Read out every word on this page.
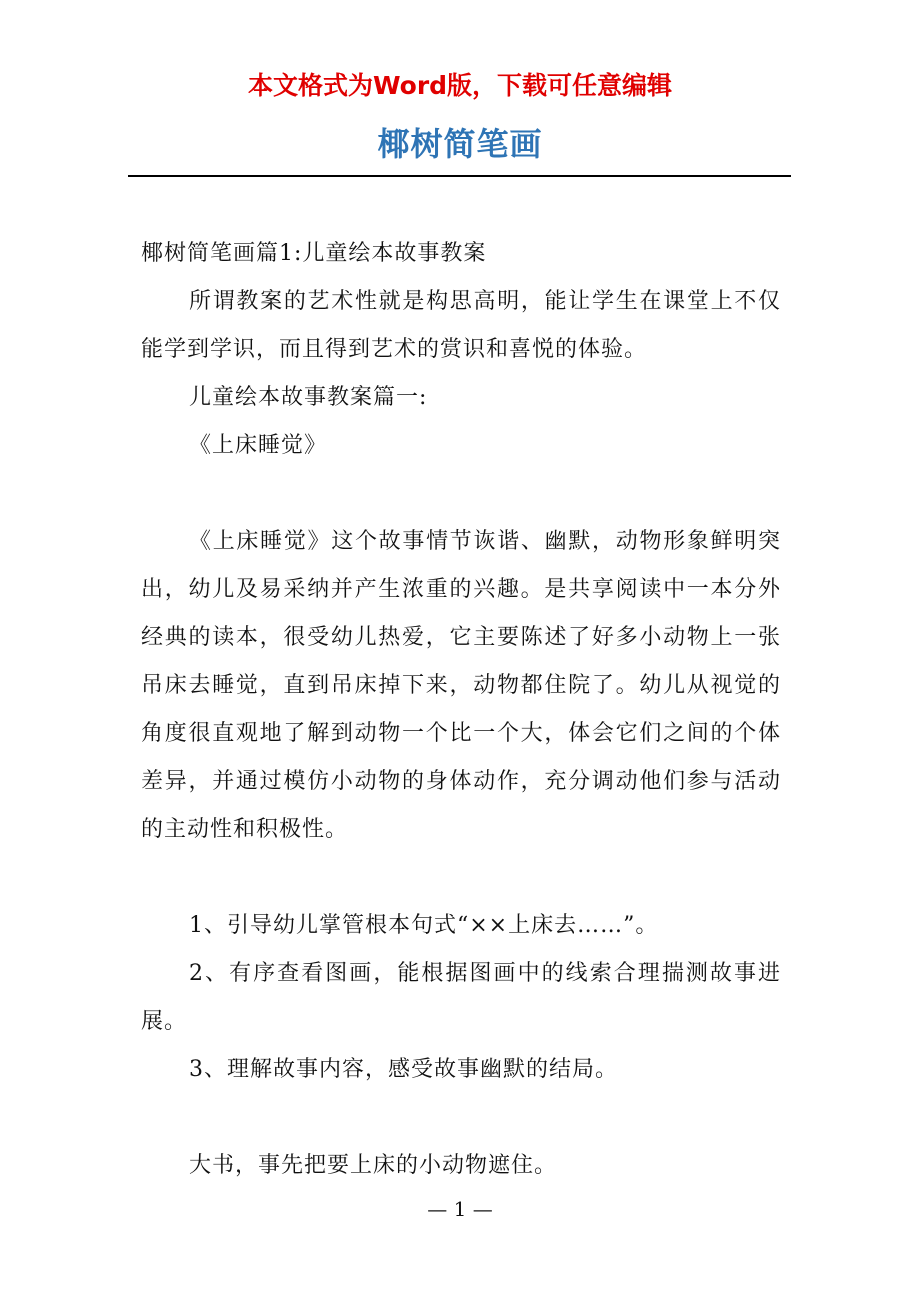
本文格式为Word版，下载可任意编辑
椰树简笔画

椰树简笔画篇1:儿童绘本故事教案

所谓教案的艺术性就是构思高明，能让学生在课堂上不仅能学到学识，而且得到艺术的赏识和喜悦的体验。

儿童绘本故事教案篇一:

《上床睡觉》

《上床睡觉》这个故事情节诙谐、幽默，动物形象鲜明突出，幼儿及易采纳并产生浓重的兴趣。是共享阅读中一本分外经典的读本，很受幼儿热爱，它主要陈述了好多小动物上一张吊床去睡觉，直到吊床掉下来，动物都住院了。幼儿从视觉的角度很直观地了解到动物一个比一个大，体会它们之间的个体差异，并通过模仿小动物的身体动作，充分调动他们参与活动的主动性和积极性。

1、引导幼儿掌管根本句式“××上床去……”。

2、有序查看图画，能根据图画中的线索合理揣测故事进展。

3、理解故事内容，感受故事幽默的结局。

大书，事先把要上床的小动物遮住。

— 1 —
